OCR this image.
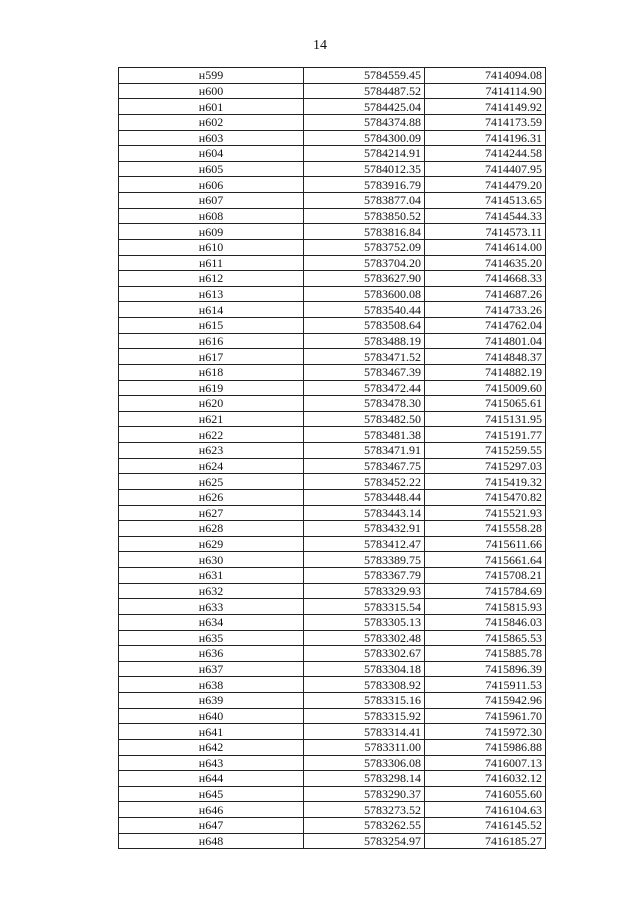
14
н599	5784559.45	7414094.08
н600	5784487.52	7414114.90
н601	5784425.04	7414149.92
н602	5784374.88	7414173.59
н603	5784300.09	7414196.31
н604	5784214.91	7414244.58
н605	5784012.35	7414407.95
н606	5783916.79	7414479.20
н607	5783877.04	7414513.65
н608	5783850.52	7414544.33
н609	5783816.84	7414573.11
н610	5783752.09	7414614.00
н611	5783704.20	7414635.20
н612	5783627.90	7414668.33
н613	5783600.08	7414687.26
н614	5783540.44	7414733.26
н615	5783508.64	7414762.04
н616	5783488.19	7414801.04
н617	5783471.52	7414848.37
н618	5783467.39	7414882.19
н619	5783472.44	7415009.60
н620	5783478.30	7415065.61
н621	5783482.50	7415131.95
н622	5783481.38	7415191.77
н623	5783471.91	7415259.55
н624	5783467.75	7415297.03
н625	5783452.22	7415419.32
н626	5783448.44	7415470.82
н627	5783443.14	7415521.93
н628	5783432.91	7415558.28
н629	5783412.47	7415611.66
н630	5783389.75	7415661.64
н631	5783367.79	7415708.21
н632	5783329.93	7415784.69
н633	5783315.54	7415815.93
н634	5783305.13	7415846.03
н635	5783302.48	7415865.53
н636	5783302.67	7415885.78
н637	5783304.18	7415896.39
н638	5783308.92	7415911.53
н639	5783315.16	7415942.96
н640	5783315.92	7415961.70
н641	5783314.41	7415972.30
н642	5783311.00	7415986.88
н643	5783306.08	7416007.13
н644	5783298.14	7416032.12
н645	5783290.37	7416055.60
н646	5783273.52	7416104.63
н647	5783262.55	7416145.52
н648	5783254.97	7416185.27
